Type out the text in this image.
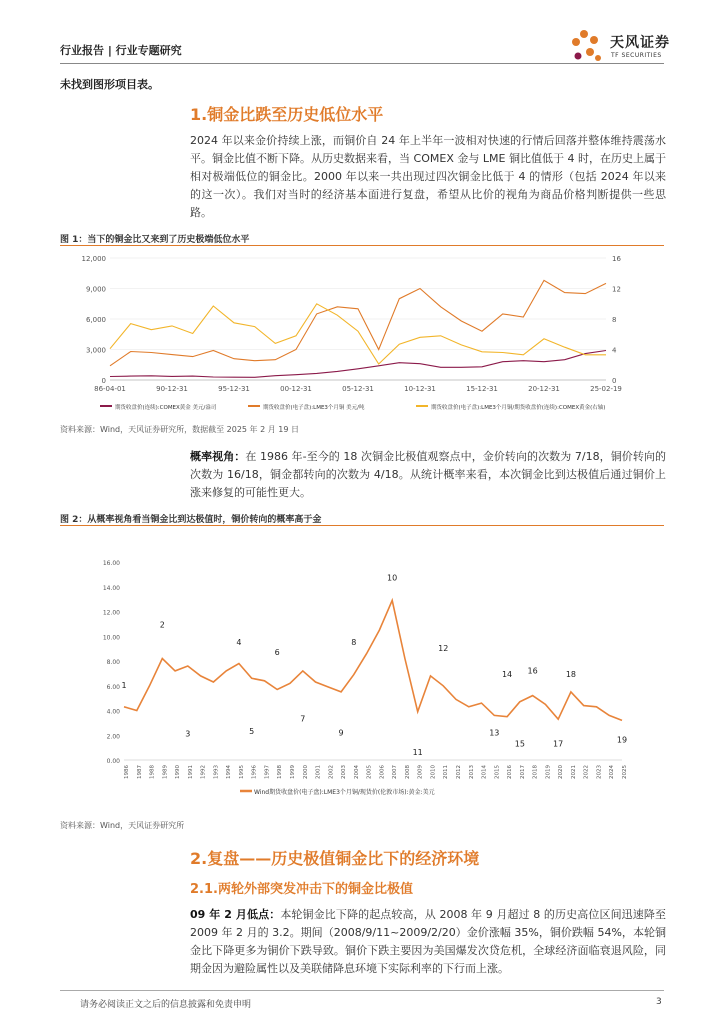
行业报告 | 行业专题研究	天风证券
TF SECURITIES
未找到图形项目表。
1.铜金比跌至历史低位水平
2024 年以来金价持续上涨，而铜价自 24 年上半年一波相对快速的行情后回落并整体维持震荡水平。铜金比值不断下降。从历史数据来看，当 COMEX 金与 LME 铜比值低于 4 时，在历史上属于相对极端低位的铜金比。2000 年以来一共出现过四次铜金比低于 4 的情形（包括 2024 年以来的这一次）。我们对当时的经济基本面进行复盘，希望从比价的视角为商品价格判断提供一些思路。
图 1：当下的铜金比又来到了历史极端低位水平
0
3,000
6,000
9,000
12,000
0
4
8
12
16
86-04-01	90-12-31	95-12-31	00-12-31	05-12-31	10-12-31	15-12-31	20-12-31	25-02-19
期货收盘价(连续):COMEX黄金 美元/盎司	期货收盘价(电子盘):LME3个月铜 美元/吨	期货收盘价(电子盘):LME3个月铜/期货收盘价(连续):COMEX黄金(右轴)
资料来源：Wind，天风证券研究所，数据截至 2025 年 2 月 19 日
概率视角：在 1986 年-至今的 18 次铜金比极值观察点中，金价转向的次数为 7/18，铜价转向的次数为 16/18，铜金都转向的次数为 4/18。从统计概率来看，本次铜金比到达极值后通过铜价上涨来修复的可能性更大。
图 2：从概率视角看当铜金比到达极值时，铜价转向的概率高于金
0.00
2.00
4.00
6.00
8.00
10.00
12.00
14.00
16.00
1986 1987 1988 1989 1990 1991 1992 1993 1994 1995 1996 1997 1998 1999 2000 2001 2002 2003 2004 2005 2006 2007 2008 2009 2010 2011 2012 2013 2014 2015 2016 2017 2018 2019 2020 2021 2022 2023 2024 2025
1
2
3
4
5
6
7
8
9
10
11
12
13
14
15
16
17
18
19
Wind期货收盘价(电子盘):LME3个月铜/现货价(伦敦市场):黄金:美元
资料来源：Wind，天风证券研究所
2.复盘——历史极值铜金比下的经济环境
2.1.两轮外部突发冲击下的铜金比极值
09 年 2 月低点：本轮铜金比下降的起点较高，从 2008 年 9 月超过 8 的历史高位区间迅速降至 2009 年 2 月的 3.2。期间（2008/9/11~2009/2/20）金价涨幅 35%，铜价跌幅 54%，本轮铜金比下降更多为铜价下跌导致。铜价下跌主要因为美国爆发次贷危机，全球经济面临衰退风险，同期金因为避险属性以及美联储降息环境下实际利率的下行而上涨。
请务必阅读正文之后的信息披露和免责申明	3
